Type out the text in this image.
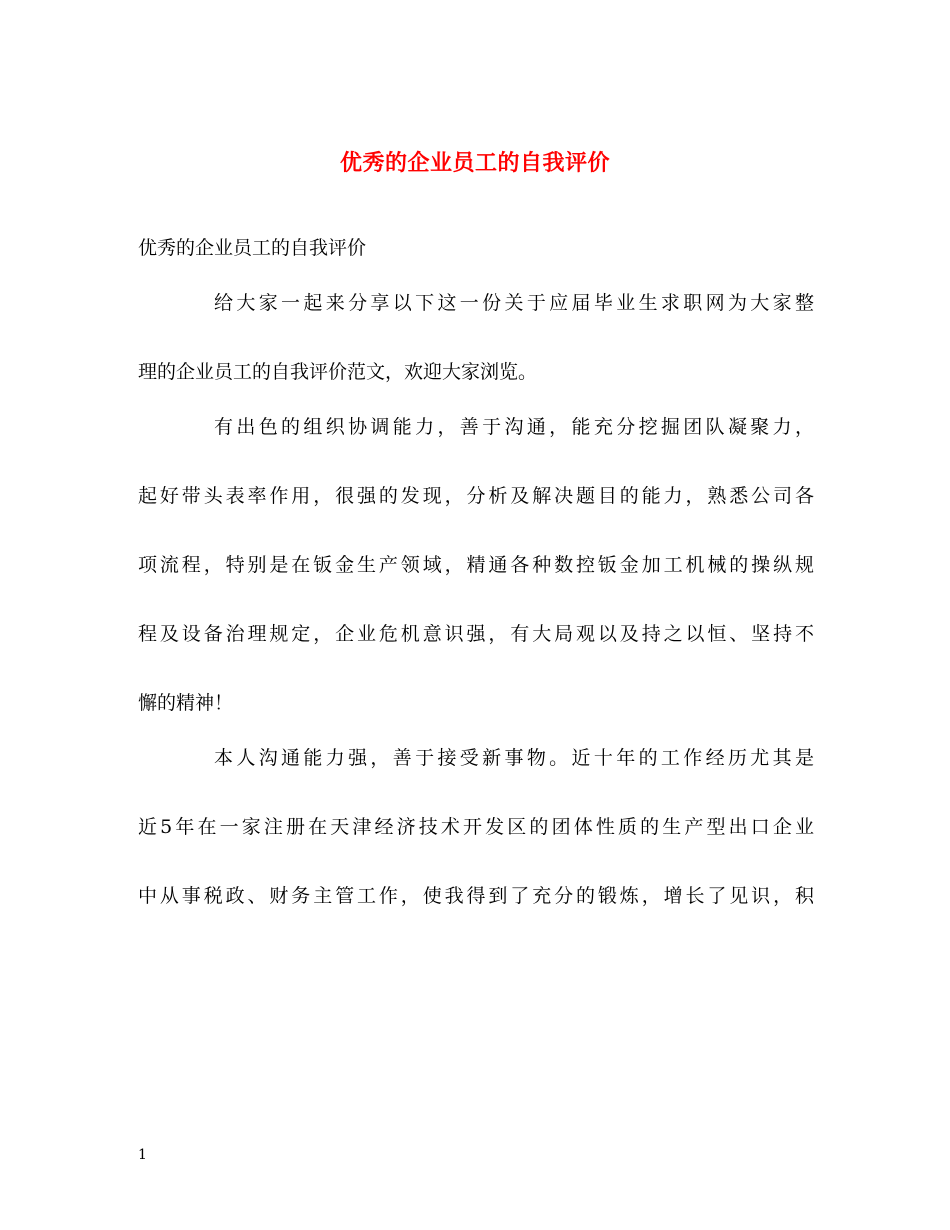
优秀的企业员工的自我评价
优秀的企业员工的自我评价
给大家一起来分享以下这一份关于应届毕业生求职网为大家整
理的企业员工的自我评价范文，欢迎大家浏览。
有出色的组织协调能力，善于沟通，能充分挖掘团队凝聚力，
起好带头表率作用，很强的发现，分析及解决题目的能力，熟悉公司各
项流程，特别是在钣金生产领域，精通各种数控钣金加工机械的操纵规
程及设备治理规定，企业危机意识强，有大局观以及持之以恒、坚持不
懈的精神！
本人沟通能力强，善于接受新事物。近十年的工作经历尤其是
近5年在一家注册在天津经济技术开发区的团体性质的生产型出口企业
中从事税政、财务主管工作，使我得到了充分的锻炼，增长了见识，积
1
